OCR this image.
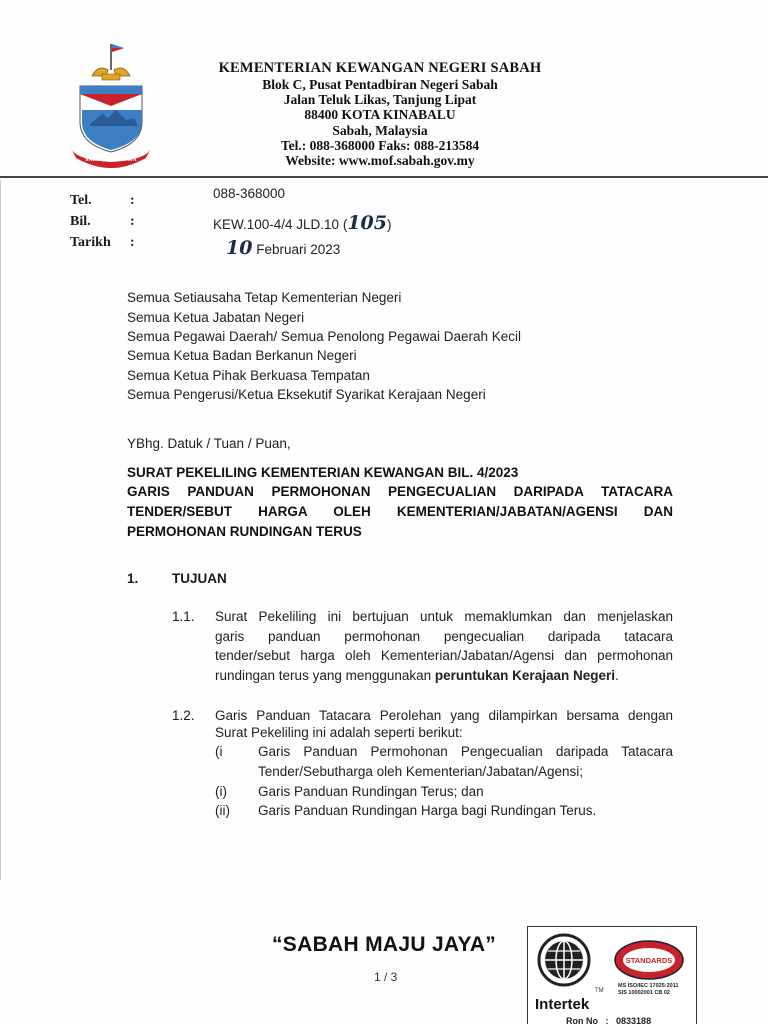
SABAH MAJU JAYA
KEMENTERIAN KEWANGAN NEGERI SABAH
Blok C, Pusat Pentadbiran Negeri Sabah
Jalan Teluk Likas, Tanjung Lipat
88400 KOTA KINABALU
Sabah, Malaysia
Tel.: 088-368000 Faks: 088-213584
Website: www.mof.sabah.gov.my
Tel.	:	088-368000
Bil.	:	KEW.100-4/4 JLD.10 (105)
Tarikh :	10 Februari 2023
Semua Setiausaha Tetap Kementerian Negeri
Semua Ketua Jabatan Negeri
Semua Pegawai Daerah/ Semua Penolong Pegawai Daerah Kecil
Semua Ketua Badan Berkanun Negeri
Semua Ketua Pihak Berkuasa Tempatan
Semua Pengerusi/Ketua Eksekutif Syarikat Kerajaan Negeri
YBhg. Datuk / Tuan / Puan,
SURAT PEKELILING KEMENTERIAN KEWANGAN BIL. 4/2023
GARIS PANDUAN PERMOHONAN PENGECUALIAN DARIPADA TATACARA
TENDER/SEBUT HARGA OLEH KEMENTERIAN/JABATAN/AGENSI DAN
PERMOHONAN RUNDINGAN TERUS
1. TUJUAN
1.1. Surat Pekeliling ini bertujuan untuk memaklumkan dan menjelaskan
garis panduan permohonan pengecualian daripada tatacara
tender/sebut harga oleh Kementerian/Jabatan/Agensi dan permohonan
rundingan terus yang menggunakan peruntukan Kerajaan Negeri.
1.2. Garis Panduan Tatacara Perolehan yang dilampirkan bersama dengan
Surat Pekeliling ini adalah seperti berikut:
(i	Garis Panduan Permohonan Pengecualian daripada Tatacara
Tender/Sebutharga oleh Kementerian/Jabatan/Agensi;
(i) Garis Panduan Rundingan Terus; dan
(ii) Garis Panduan Rundingan Harga bagi Rundingan Terus.
“SABAH MAJU JAYA”
1 / 3
Intertek
TM
STANDARDS
MS ISO/IEC 17025:2011
SIS 10002001 CB 02
Ron No : 0833188
